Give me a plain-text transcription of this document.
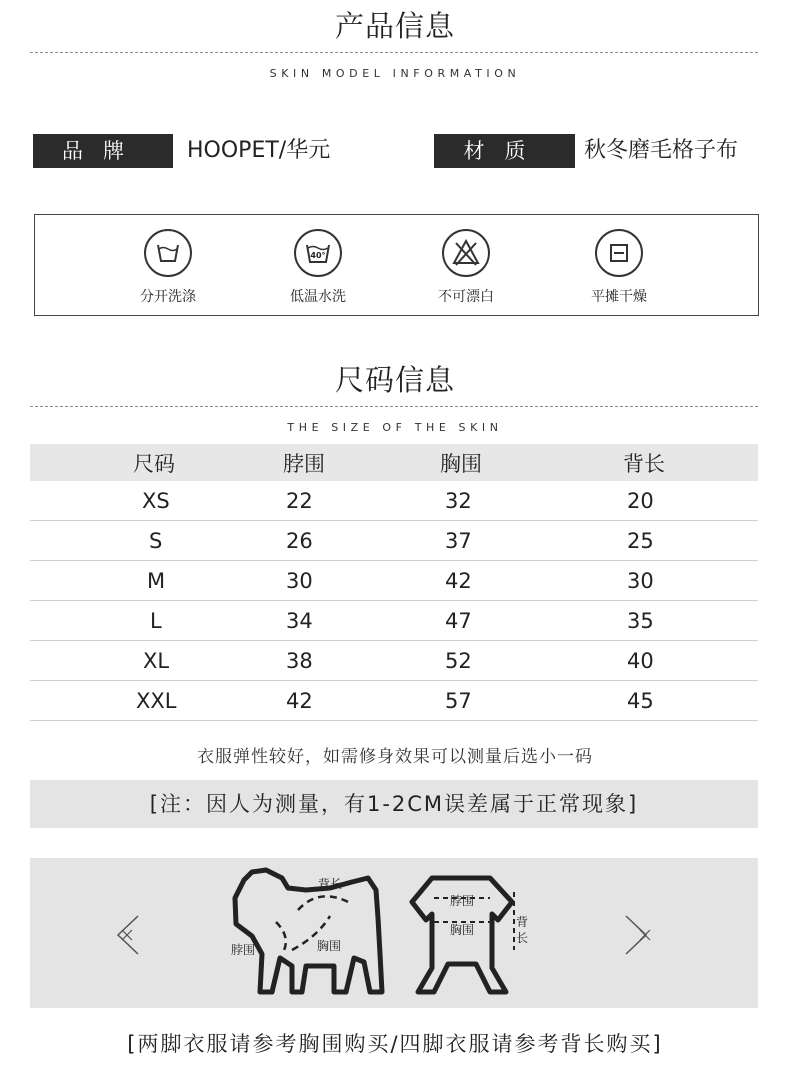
产品信息
SKIN MODEL INFORMATION
品牌	HOOPET/华元	材质	秋冬磨毛格子布
分开洗涤
40°
低温水洗	不可漂白	平摊干燥
尺码信息
THE SIZE OF THE SKIN
尺码	脖围	胸围	背长
XS	22	32	20
S	26	37	25
M	30	42	30
L	34	47	35
XL	38	52	40
XXL	42	57	45
衣服弹性较好，如需修身效果可以测量后选小一码
[注：因人为测量，有1-2CM误差属于正常现象]
背长
脖围	胸围
脖围
胸围
背长
[两脚衣服请参考胸围购买/四脚衣服请参考背长购买]
